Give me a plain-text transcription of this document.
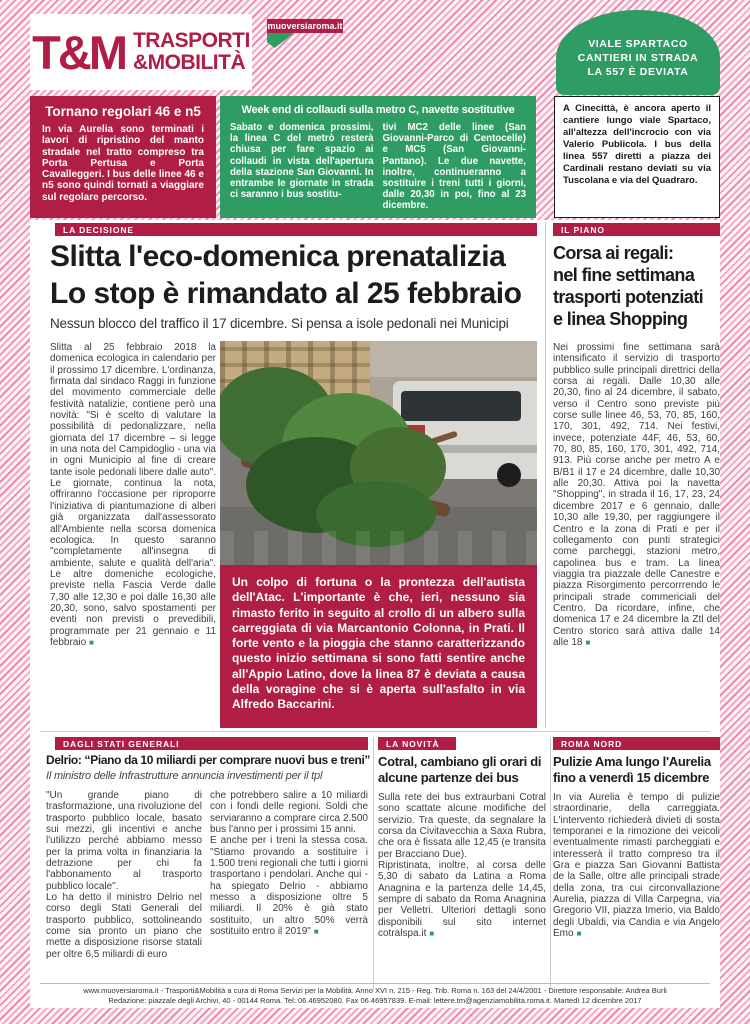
T&M TRASPORTI
&MOBILITÀ
muoversiaroma.it
VIALE SPARTACO
CANTIERI IN STRADA
LA 557 È DEVIATA
Tornano regolari 46 e n5
In via Aurelia sono terminati i lavori di ripristino del manto stradale nel tratto compreso tra Porta Pertusa e Porta Cavalleggeri. I bus delle linee 46 e n5 sono quindi tornati a viaggiare sul regolare percorso.
Week end di collaudi sulla metro C, navette sostitutive
Sabato e domenica prossimi, la linea C del metrò resterà chiusa per fare spazio ai collaudi in vista dell'apertura della stazione San Giovanni. In entrambe le giornate in strada ci saranno i bus sostitu-
tivi MC2 delle linee (San Giovanni-Parco di Centocelle) e MC5 (San Giovanni-Pantano). Le due navette, inoltre, continueranno a sostituire i treni tutti i giorni, dalle 20,30 in poi, fino al 23 dicembre.
A Cinecittà, è ancora aperto il cantiere lungo viale Spartaco, all'altezza dell'incrocio con via Valerio Publicola. I bus della linea 557 diretti a piazza dei Cardinali restano deviati su via Tuscolana e via del Quadraro.
LA DECISIONE
Slitta l'eco-domenica prenatalizia
Lo stop è rimandato al 25 febbraio
Nessun blocco del traffico il 17 dicembre. Si pensa a isole pedonali nei Municipi

Slitta al 25 febbraio 2018 la domenica ecologica in calendario per il prossimo 17 dicembre. L'ordinanza, firmata dal sindaco Raggi in funzione del movimento commerciale delle festività natalizie, contiene però una novità: "Si è scelto di valutare la possibilità di pedonalizzare, nella giornata del 17 dicembre – si legge in una nota del Campidoglio - una via in ogni Municipio al fine di creare tante isole pedonali libere dalle auto". Le giornate, continua la nota, offriranno l'occasione per riproporre l'iniziativa di piantumazione di alberi già organizzata dall'assessorato all'Ambiente nella scorsa domenica ecologica. In questo saranno "completamente all'insegna di ambiente, salute e qualità dell'aria". Le altre domeniche ecologiche, previste nella Fascia Verde dalle 7,30 alle 12,30 e poi dalle 16,30 alle 20,30, sono, salvo spostamenti per eventi non previsti o prevedibili, programmate per 21 gennaio e 11 febbraio ■

Un colpo di fortuna o la prontezza dell'autista dell'Atac. L'importante è che, ieri, nessuno sia rimasto ferito in seguito al crollo di un albero sulla carreggiata di via Marcantonio Colonna, in Prati. Il forte vento e la pioggia che stanno caratterizzando questo inizio settimana si sono fatti sentire anche all'Appio Latino, dove la linea 87 è deviata a causa della voragine che si è aperta sull'asfalto in via Alfredo Baccarini.
IL PIANO
Corsa ai regali:
nel fine settimana
trasporti potenziati
e linea Shopping

Nei prossimi fine settimana sarà intensificato il servizio di trasporto pubblico sulle principali direttrici della corsa ai regali. Dalle 10,30 alle 20,30, fino al 24 dicembre, il sabato, verso il Centro sono previste più corse sulle linee 46, 53, 70, 85, 160, 170, 301, 492, 714. Nei festivi, invece, potenziate 44F, 46, 53, 60, 70, 80, 85, 160, 170, 301, 492, 714, 913. Più corse anche per metro A e B/B1 il 17 e 24 dicembre, dalle 10,30 alle 20,30. Attiva poi la navetta "Shopping", in strada il 16, 17, 23, 24 dicembre 2017 e 6 gennaio, dalle 10,30 alle 19,30, per raggiungere il Centro e la zona di Prati e per il collegamento con punti strategici come parcheggi, stazioni metro, capolinea bus e tram. La linea viaggia tra piazzale delle Canestre e piazza Risorgimento percorrrendo le principali strade commericiali del Centro. Da ricordare, infine, che domenica 17 e 24 dicembre la Ztl del Centro storico sarà attiva dalle 14 alle 18 ■

DAGLI STATI GENERALI
Delrio: “Piano da 10 miliardi per comprare nuovi bus e treni”
Il ministro delle Infrastrutture annuncia investimenti per il tpl

"Un grande piano di trasformazione, una rivoluzione del trasporto pubblico locale, basato sui mezzi, gli incentivi e anche l'utilizzo perché abbiamo messo per la prima volta in finanziaria la detrazione per chi fa l'abbonamento al trasporto pubblico locale".

Lo ha detto il ministro Delrio nel corso degli Stati Generali del trasporto pubblico, sottolineando come sia pronto un piano che mette a disposizione risorse statali per oltre 6,5 miliardi di euro

che potrebbero salire a 10 miliardi con i fondi delle regioni. Soldi che serviaranno a comprare circa 2.500 bus l'anno per i prossimi 15 anni.

E anche per i treni la stessa cosa. "Stiamo provando a sostituire i 1.500 treni regionali che tutti i giorni trasportano i pendolari. Anche qui - ha spiegato Delrio - abbiamo messo a disposizione oltre 5 miliardi. Il 20% è già stato sostituito, un altro 50% verrà sostituito entro il 2019" ■

LA NOVITÀ
Cotral, cambiano gli orari di alcune partenze dei bus

Sulla rete dei bus extraurbani Cotral sono scattate alcune modifiche del servizio. Tra queste, da segnalare la corsa da Civitavecchia a Saxa Rubra, che ora è fissata alle 12,45 (e transita per Bracciano Due).

Ripristinata, inoltre, al corsa delle 5,30 di sabato da Latina a Roma Anagnina e la partenza delle 14,45, sempre di sabato da Roma Anagnina per Velletri. Ulteriori dettagli sono disponibili sul sito internet cotralspa.it ■

ROMA NORD
Pulizie Ama lungo l'Aurelia
fino a venerdì 15 dicembre

In via Aurelia è tempo di pulizie straordinarie, della carreggiata. L'intervento richiederà divieti di sosta temporanei e la rimozione dei veicoli eventualmente rimasti parcheggiati e interesserà il tratto compreso tra il Gra e piazza San Giovanni Battista de la Salle, oltre alle principali strade della zona, tra cui circonvallazione Aurelia, piazza di Villa Carpegna, via Gregorio VII, piazza Imerio, via Baldo degli Ubaldi, via Candia e via Angelo Emo ■

www.muoversiaroma.it - Trasporti&Mobilità a cura di Roma Servizi per la Mobilità. Anno XVI n. 215 - Reg. Trib. Roma n. 163 del 24/4/2001 - Direttore responsabile: Andrea Burli
Redazione: piazzale degli Archivi, 40 - 00144 Roma. Tel: 06.46952080. Fax 06.46957839. E-mail: lettere.tm@agenziamobilita.roma.it. Martedì 12 dicembre 2017
